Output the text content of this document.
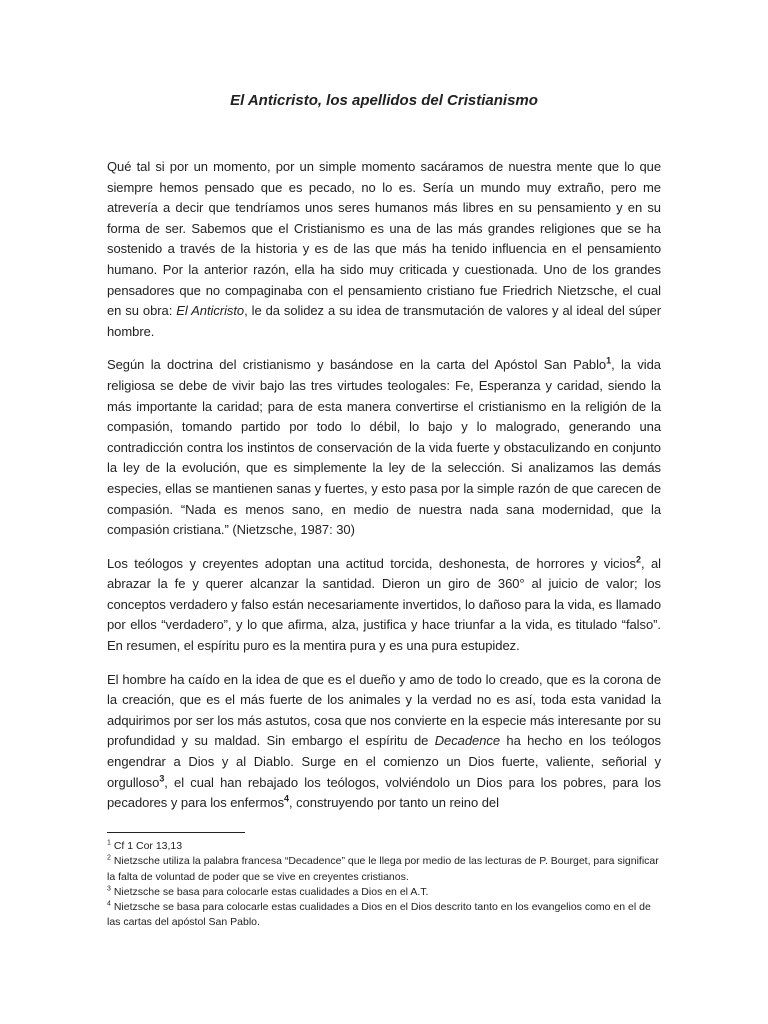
El Anticristo, los apellidos del Cristianismo

Qué tal si por un momento, por un simple momento sacáramos de nuestra mente que lo que siempre hemos pensado que es pecado, no lo es. Sería un mundo muy extraño, pero me atrevería a decir que tendríamos unos seres humanos más libres en su pensamiento y en su forma de ser. Sabemos que el Cristianismo es una de las más grandes religiones que se ha sostenido a través de la historia y es de las que más ha tenido influencia en el pensamiento humano. Por la anterior razón, ella ha sido muy criticada y cuestionada. Uno de los grandes pensadores que no compaginaba con el pensamiento cristiano fue Friedrich Nietzsche, el cual en su obra: El Anticristo, le da solidez a su idea de transmutación de valores y al ideal del súper hombre.

Según la doctrina del cristianismo y basándose en la carta del Apóstol San Pablo$^1$, la vida religiosa se debe de vivir bajo las tres virtudes teologales: Fe, Esperanza y caridad, siendo la más importante la caridad; para de esta manera convertirse el cristianismo en la religión de la compasión, tomando partido por todo lo débil, lo bajo y lo malogrado, generando una contradicción contra los instintos de conservación de la vida fuerte y obstaculizando en conjunto la ley de la evolución, que es simplemente la ley de la selección. Si analizamos las demás especies, ellas se mantienen sanas y fuertes, y esto pasa por la simple razón de que carecen de compasión. “Nada es menos sano, en medio de nuestra nada sana modernidad, que la compasión cristiana.” (Nietzsche, 1987: 30)

Los teólogos y creyentes adoptan una actitud torcida, deshonesta, de horrores y vicios$^2$, al abrazar la fe y querer alcanzar la santidad. Dieron un giro de 360° al juicio de valor; los conceptos verdadero y falso están necesariamente invertidos, lo dañoso para la vida, es llamado por ellos “verdadero”, y lo que afirma, alza, justifica y hace triunfar a la vida, es titulado “falso”. En resumen, el espíritu puro es la mentira pura y es una pura estupidez.

El hombre ha caído en la idea de que es el dueño y amo de todo lo creado, que es la corona de la creación, que es el más fuerte de los animales y la verdad no es así, toda esta vanidad la adquirimos por ser los más astutos, cosa que nos convierte en la especie más interesante por su profundidad y su maldad. Sin embargo el espíritu de Decadence ha hecho en los teólogos engendrar a Dios y al Diablo. Surge en el comienzo un Dios fuerte, valiente, señorial y orgulloso$^3$, el cual han rebajado los teólogos, volviéndolo un Dios para los pobres, para los pecadores y para los enfermos$^4$, construyendo por tanto un reino del

$^1$ Cf 1 Cor 13,13

$^2$ Nietzsche utiliza la palabra francesa “Decadence” que le llega por medio de las lecturas de P. Bourget, para significar la falta de voluntad de poder que se vive en creyentes cristianos.

$^3$ Nietzsche se basa para colocarle estas cualidades a Dios en el A.T.

$^4$ Nietzsche se basa para colocarle estas cualidades a Dios en el Dios descrito tanto en los evangelios como en el de las cartas del apóstol San Pablo.
